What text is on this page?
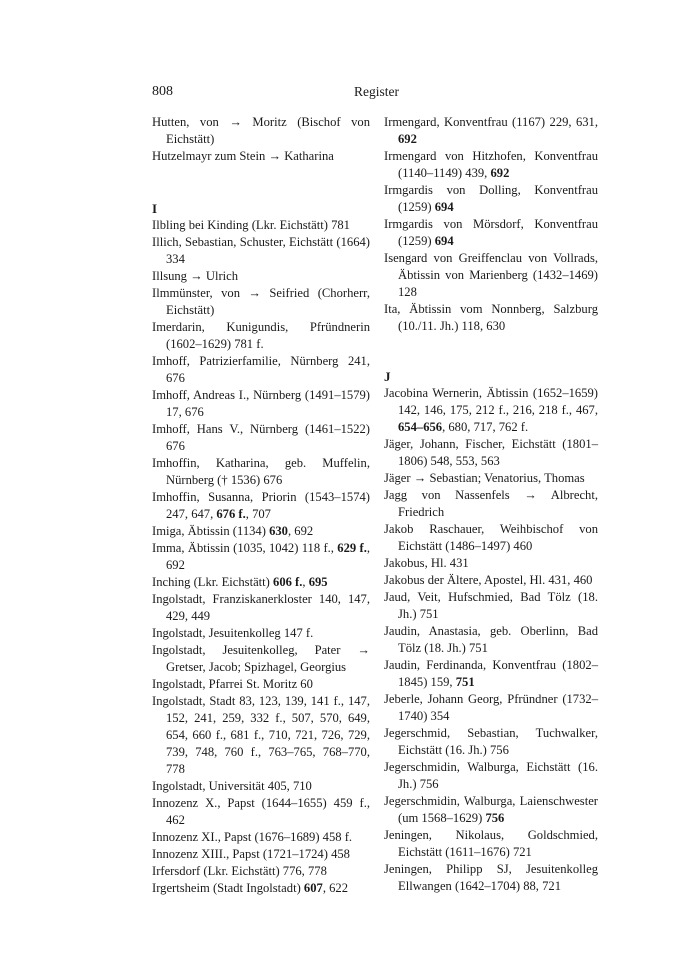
808	Register
Hutten, von → Moritz (Bischof von Eichstätt)
Hutzelmayr zum Stein → Katharina
I
Ilbling bei Kinding (Lkr. Eichstätt) 781
Illich, Sebastian, Schuster, Eichstätt (1664) 334
Illsung → Ulrich
Ilmmünster, von → Seifried (Chorherr, Eichstätt)
Imerdarin, Kunigundis, Pfründnerin (1602–1629) 781 f.
Imhoff, Patrizierfamilie, Nürnberg 241, 676
Imhoff, Andreas I., Nürnberg (1491–1579) 17, 676
Imhoff, Hans V., Nürnberg (1461–1522) 676
Imhoffin, Katharina, geb. Muffelin, Nürnberg († 1536) 676
Imhoffin, Susanna, Priorin (1543–1574) 247, 647, 676 f., 707
Imiga, Äbtissin (1134) 630, 692
Imma, Äbtissin (1035, 1042) 118 f., 629 f., 692
Inching (Lkr. Eichstätt) 606 f., 695
Ingolstadt, Franziskanerkloster 140, 147, 429, 449
Ingolstadt, Jesuitenkolleg 147 f.
Ingolstadt, Jesuitenkolleg, Pater → Gretser, Jacob; Spizhagel, Georgius
Ingolstadt, Pfarrei St. Moritz 60
Ingolstadt, Stadt 83, 123, 139, 141 f., 147, 152, 241, 259, 332 f., 507, 570, 649, 654, 660 f., 681 f., 710, 721, 726, 729, 739, 748, 760 f., 763–765, 768–770, 778
Ingolstadt, Universität 405, 710
Innozenz X., Papst (1644–1655) 459 f., 462
Innozenz XI., Papst (1676–1689) 458 f.
Innozenz XIII., Papst (1721–1724) 458
Irfersdorf (Lkr. Eichstätt) 776, 778
Irgertsheim (Stadt Ingolstadt) 607, 622
Irmengard, Konventfrau (1167) 229, 631, 692
Irmengard von Hitzhofen, Konventfrau (1140–1149) 439, 692
Irmgardis von Dolling, Konventfrau (1259) 694
Irmgardis von Mörsdorf, Konventfrau (1259) 694
Isengard von Greiffenclau von Vollrads, Äbtissin von Marienberg (1432–1469) 128
Ita, Äbtissin vom Nonnberg, Salzburg (10./11. Jh.) 118, 630
J
Jacobina Wernerin, Äbtissin (1652–1659) 142, 146, 175, 212 f., 216, 218 f., 467, 654–656, 680, 717, 762 f.
Jäger, Johann, Fischer, Eichstätt (1801–1806) 548, 553, 563
Jäger → Sebastian; Venatorius, Thomas
Jagg von Nassenfels → Albrecht, Friedrich
Jakob Raschauer, Weihbischof von Eichstätt (1486–1497) 460
Jakobus, Hl. 431
Jakobus der Ältere, Apostel, Hl. 431, 460
Jaud, Veit, Hufschmied, Bad Tölz (18. Jh.) 751
Jaudin, Anastasia, geb. Oberlinn, Bad Tölz (18. Jh.) 751
Jaudin, Ferdinanda, Konventfrau (1802–1845) 159, 751
Jeberle, Johann Georg, Pfründner (1732–1740) 354
Jegerschmid, Sebastian, Tuchwalker, Eichstätt (16. Jh.) 756
Jegerschmidin, Walburga, Eichstätt (16. Jh.) 756
Jegerschmidin, Walburga, Laienschwester (um 1568–1629) 756
Jeningen, Nikolaus, Goldschmied, Eichstätt (1611–1676) 721
Jeningen, Philipp SJ, Jesuitenkolleg Ellwangen (1642–1704) 88, 721
